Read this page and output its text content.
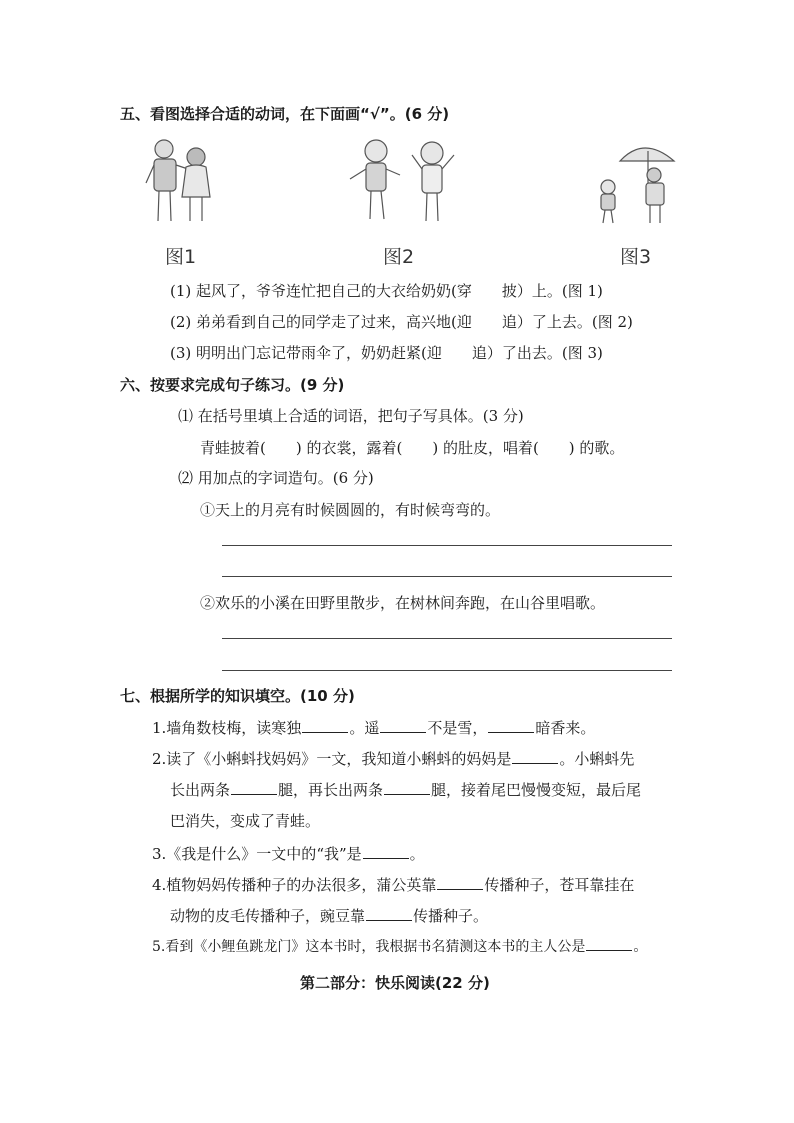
五、看图选择合适的动词，在下面画“√”。(6 分)
图1	图2	图3
(1) 起风了，爷爷连忙把自己的大衣给奶奶(穿　　披）上。(图 1)
(2) 弟弟看到自己的同学走了过来，高兴地(迎　　追）了上去。(图 2)
(3) 明明出门忘记带雨伞了，奶奶赶紧(迎　　追）了出去。(图 3)
六、按要求完成句子练习。(9 分)
⑴ 在括号里填上合适的词语，把句子写具体。(3 分)
青蛙披着(　　) 的衣裳，露着(　　) 的肚皮，唱着(　　) 的歌。
⑵ 用加点的字词造句。(6 分)
①天上的月亮有时候圆圆的，有时候弯弯的。
②欢乐的小溪在田野里散步，在树林间奔跑，在山谷里唱歌。
七、根据所学的知识填空。(10 分)
1.墙角数枝梅，读寒独	。遥	不是雪，	暗香来。
2.读了《小蝌蚪找妈妈》一文，我知道小蝌蚪的妈妈是	。小蝌蚪先
长出两条	腿，再长出两条	腿，接着尾巴慢慢变短，最后尾
巴消失，变成了青蛙。
3.《我是什么》一文中的“我”是	。
4.植物妈妈传播种子的办法很多，蒲公英靠	传播种子，苍耳靠挂在
动物的皮毛传播种子，豌豆靠	传播种子。
5.看到《小鲤鱼跳龙门》这本书时，我根据书名猜测这本书的主人公是	。
第二部分：快乐阅读(22 分)
